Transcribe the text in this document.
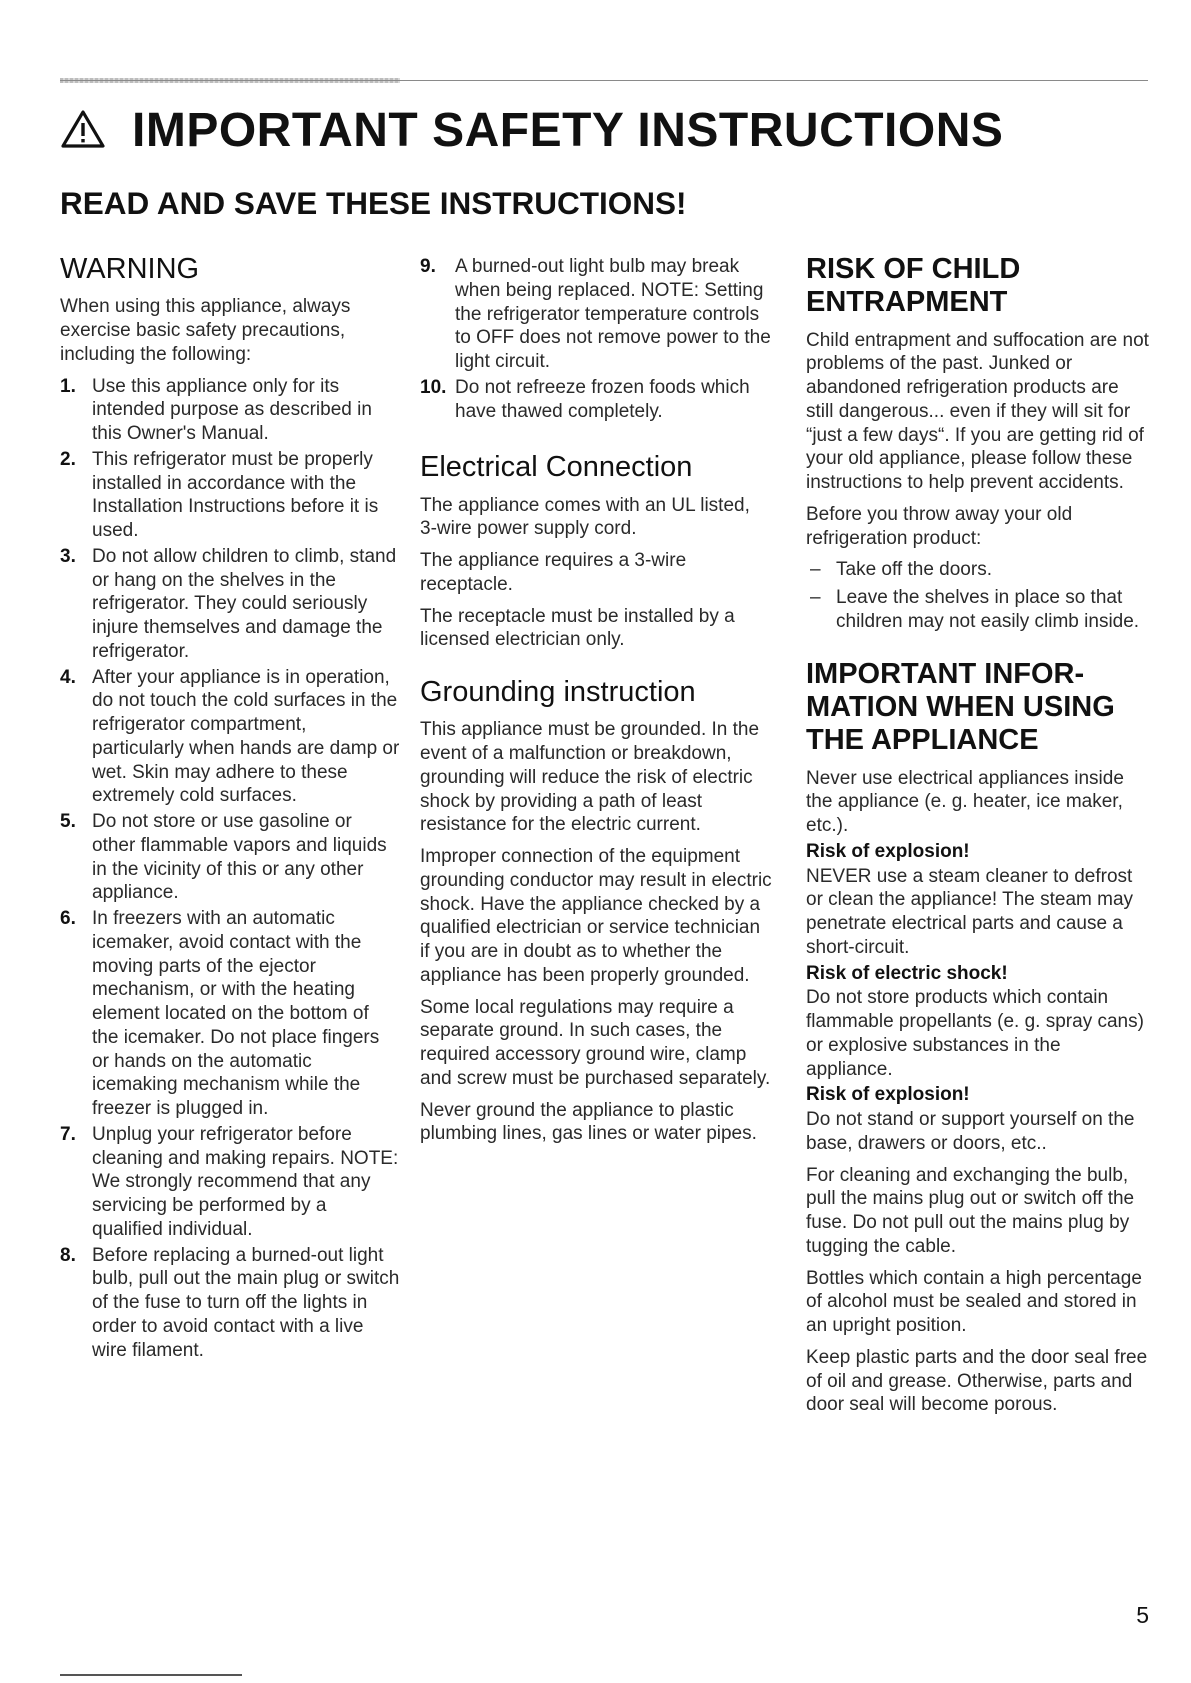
IMPORTANT SAFETY INSTRUCTIONS
READ AND SAVE THESE INSTRUCTIONS!
WARNING

When using this appliance, always exercise basic safety precautions, including the following:

1. Use this appliance only for its intended purpose as described in this Owner's Manual.
2. This refrigerator must be properly installed in accordance with the Installation Instructions before it is used.
3. Do not allow children to climb, stand or hang on the shelves in the refrigerator. They could seriously injure themselves and damage the refrigerator.
4. After your appliance is in operation, do not touch the cold surfaces in the refrigerator compartment, particularly when hands are damp or wet. Skin may adhere to these extremely cold surfaces.
5. Do not store or use gasoline or other flammable vapors and liquids in the vicinity of this or any other appliance.
6. In freezers with an automatic icemaker, avoid contact with the moving parts of the ejector mechanism, or with the heating element located on the bottom of the icemaker. Do not place fingers or hands on the automatic icemaking mechanism while the freezer is plugged in.
7. Unplug your refrigerator before cleaning and making repairs. NOTE: We strongly recommend that any servicing be performed by a qualified individual.
8. Before replacing a burned-out light bulb, pull out the main plug or switch of the fuse to turn off the lights in order to avoid contact with a live wire filament.
9. A burned-out light bulb may break when being replaced. NOTE: Setting the refrigerator temperature controls to OFF does not remove power to the light circuit.
10. Do not refreeze frozen foods which have thawed completely.
Electrical Connection

The appliance comes with an UL listed, 3-wire power supply cord.

The appliance requires a 3-wire receptacle.

The receptacle must be installed by a licensed electrician only.

Grounding instruction

This appliance must be grounded. In the event of a malfunction or breakdown, grounding will reduce the risk of electric shock by providing a path of least resistance for the electric current.

Improper connection of the equipment grounding conductor may result in electric shock. Have the appliance checked by a qualified electrician or service technician if you are in doubt as to whether the appliance has been properly grounded.

Some local regulations may require a separate ground. In such cases, the required accessory ground wire, clamp and screw must be purchased separately.

Never ground the appliance to plastic plumbing lines, gas lines or water pipes.

RISK OF CHILD
ENTRAPMENT

Child entrapment and suffocation are not problems of the past. Junked or abandoned refrigeration products are still dangerous... even if they will sit for “just a few days“. If you are getting rid of your old appliance, please follow these instructions to help prevent accidents.

Before you throw away your old refrigeration product:

– Take off the doors.
– Leave the shelves in place so that children may not easily climb inside.
IMPORTANT INFOR-
MATION WHEN USING
THE APPLIANCE

Never use electrical appliances inside the appliance (e. g. heater, ice maker, etc.).

Risk of explosion!

NEVER use a steam cleaner to defrost or clean the appliance! The steam may penetrate electrical parts and cause a short-circuit.

Risk of electric shock!

Do not store products which contain flammable propellants (e. g. spray cans) or explosive substances in the appliance.

Risk of explosion!

Do not stand or support yourself on the base, drawers or doors, etc..

For cleaning and exchanging the bulb, pull the mains plug out or switch off the fuse. Do not pull out the mains plug by tugging the cable.

Bottles which contain a high percentage of alcohol must be sealed and stored in an upright position.

Keep plastic parts and the door seal free of oil and grease. Otherwise, parts and door seal will become porous.

5
